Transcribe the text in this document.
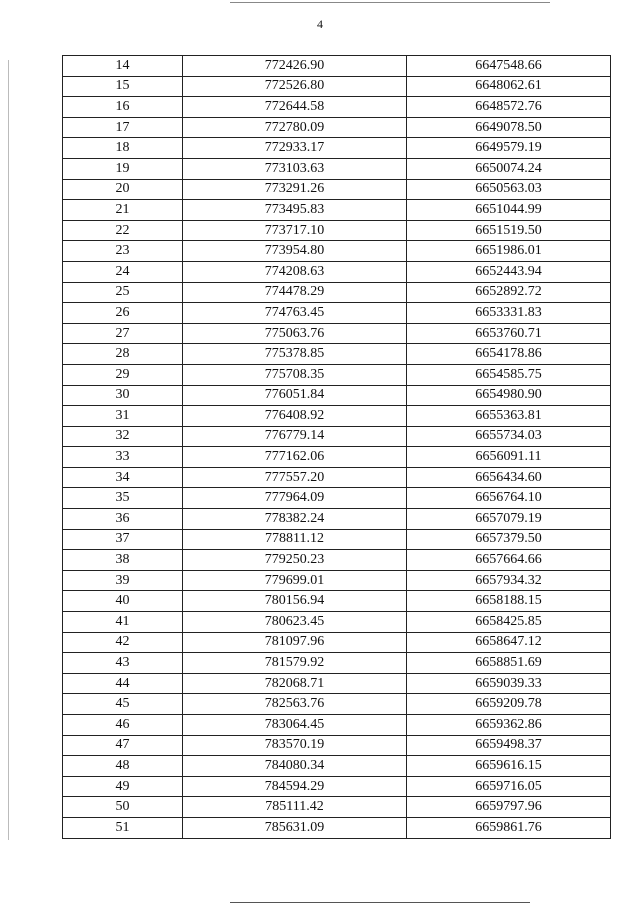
4
14	772426.90	6647548.66
15	772526.80	6648062.61
16	772644.58	6648572.76
17	772780.09	6649078.50
18	772933.17	6649579.19
19	773103.63	6650074.24
20	773291.26	6650563.03
21	773495.83	6651044.99
22	773717.10	6651519.50
23	773954.80	6651986.01
24	774208.63	6652443.94
25	774478.29	6652892.72
26	774763.45	6653331.83
27	775063.76	6653760.71
28	775378.85	6654178.86
29	775708.35	6654585.75
30	776051.84	6654980.90
31	776408.92	6655363.81
32	776779.14	6655734.03
33	777162.06	6656091.11
34	777557.20	6656434.60
35	777964.09	6656764.10
36	778382.24	6657079.19
37	778811.12	6657379.50
38	779250.23	6657664.66
39	779699.01	6657934.32
40	780156.94	6658188.15
41	780623.45	6658425.85
42	781097.96	6658647.12
43	781579.92	6658851.69
44	782068.71	6659039.33
45	782563.76	6659209.78
46	783064.45	6659362.86
47	783570.19	6659498.37
48	784080.34	6659616.15
49	784594.29	6659716.05
50	785111.42	6659797.96
51	785631.09	6659861.76
